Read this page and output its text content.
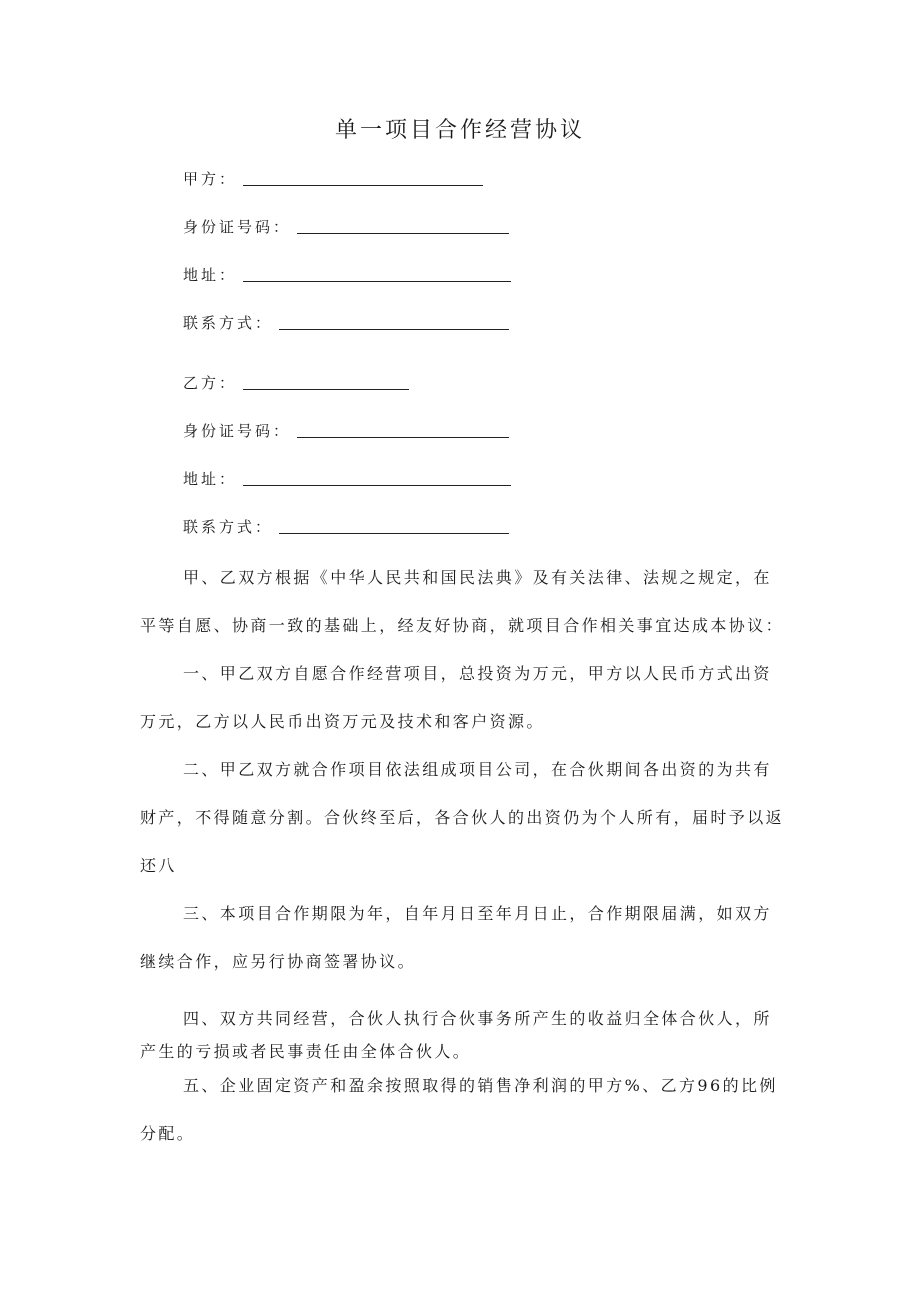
单一项目合作经营协议
甲方：
身份证号码：
地址：
联系方式：
乙方：
身份证号码：
地址：
联系方式：
甲、乙双方根据《中华人民共和国民法典》及有关法律、法规之规定，在
平等自愿、协商一致的基础上，经友好协商，就项目合作相关事宜达成本协议：
一、甲乙双方自愿合作经营项目，总投资为万元，甲方以人民币方式出资
万元，乙方以人民币出资万元及技术和客户资源。
二、甲乙双方就合作项目依法组成项目公司，在合伙期间各出资的为共有
财产，不得随意分割。合伙终至后，各合伙人的出资仍为个人所有，届时予以返
还八
三、本项目合作期限为年，自年月日至年月日止，合作期限届满，如双方
继续合作，应另行协商签署协议。
四、双方共同经营，合伙人执行合伙事务所产生的收益归全体合伙人，所
产生的亏损或者民事责任由全体合伙人。
五、企业固定资产和盈余按照取得的销售净利润的甲方%、乙方96的比例
分配。
